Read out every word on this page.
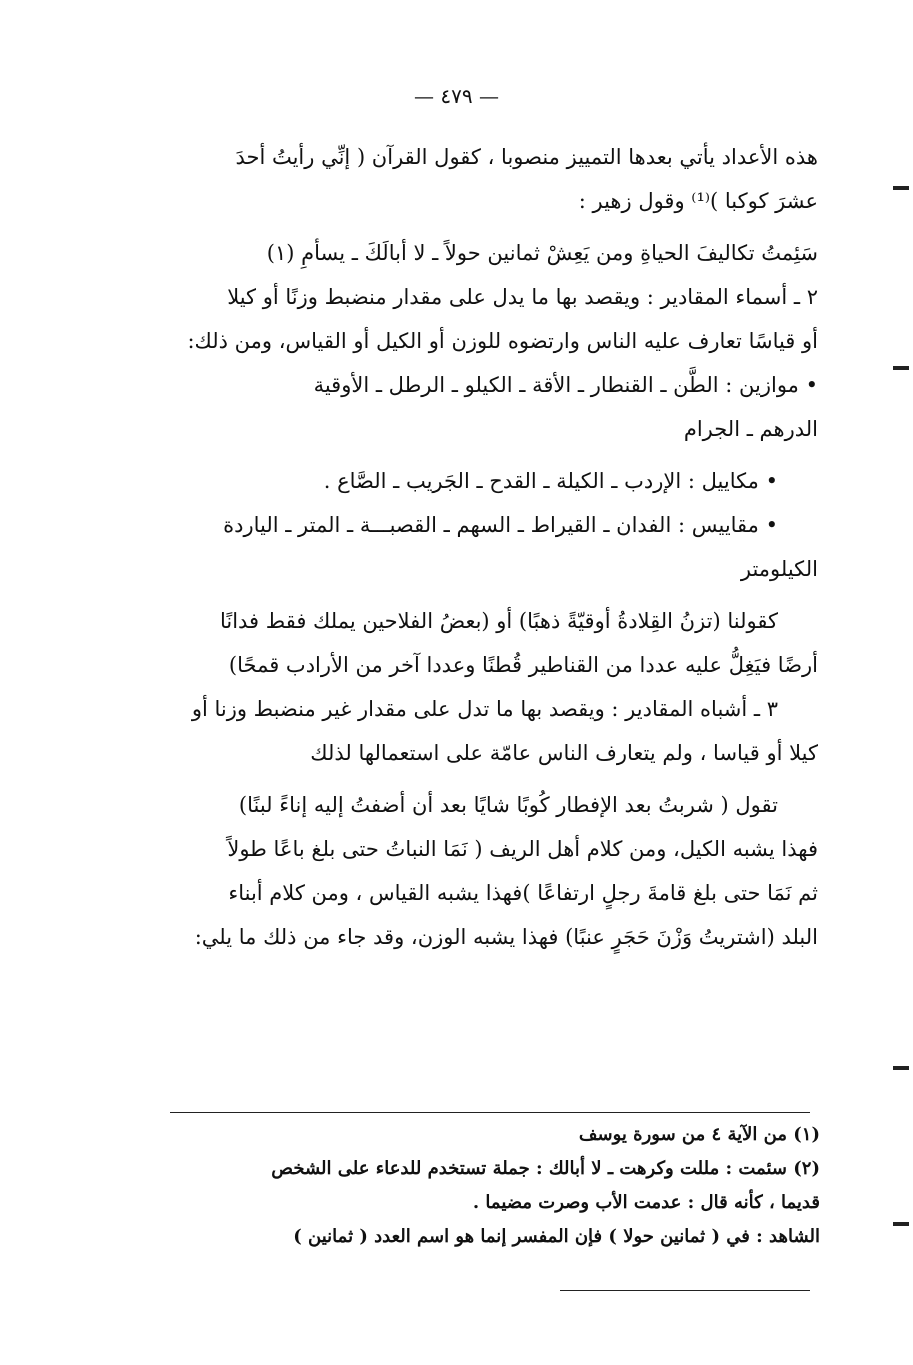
— ٤٧٩ —

هذه الأعداد يأتي بعدها التمييز منصوبا ، كقول القرآن ( إنِّي رأيتُ أحدَ

عشرَ كوكبا )⁽¹⁾ وقول زهير :

سَئِمتُ تكاليفَ الحياةِ ومن يَعِشْ ثمانين حولاً ـ لا أبالَكَ ـ يسأمِ (١)

٢ ـ أسماء المقادير : ويقصد بها ما يدل على مقدار منضبط وزنًا أو كيلا

أو قياسًا تعارف عليه الناس وارتضوه للوزن أو الكيل أو القياس، ومن ذلك:

• موازين : الطَّن ـ القنطار ـ الأقة ـ الكيلو ـ الرطل ـ الأوقية

الدرهم ـ الجرام

• مكاييل : الإردب ـ الكيلة ـ القدح ـ الجَريب ـ الصَّاع .

• مقاييس : الفدان ـ القيراط ـ السهم ـ القصبـــة ـ المتر ـ الياردة

الكيلومتر

كقولنا (تزنُ القِلادةُ أوقيّةً ذهبًا) أو (بعضُ الفلاحين يملك فقط فدانًا

أرضًا فيَغِلُّ عليه عددا من القناطير قُطنًا وعددا آخر من الأرادب قمحًا)

٣ ـ أشباه المقادير : ويقصد بها ما تدل على مقدار غير منضبط وزنا أو

كيلا أو قياسا ، ولم يتعارف الناس عامّة على استعمالها لذلك

تقول ( شربتُ بعد الإفطار كُوبًا شايًا بعد أن أضفتُ إليه إناءً لبنًا)

فهذا يشبه الكيل، ومن كلام أهل الريف ( نَمَا النباتُ حتى بلغ باعًا طولاً

ثم نَمَا حتى بلغ قامةَ رجلٍ ارتفاعًا )فهذا يشبه القياس ، ومن كلام أبناء

البلد (اشتريتُ وَزْنَ حَجَرٍ عنبًا) فهذا يشبه الوزن، وقد جاء من ذلك ما يلي:

(١) من الآية ٤ من سورة يوسف

(٢) سئمت : مللت وكرهت ـ لا أبالك : جملة تستخدم للدعاء على الشخص

قديما ، كأنه قال : عدمت الأب وصرت مضيما .

الشاهد : في ( ثمانين حولا ) فإن المفسر إنما هو اسم العدد ( ثمانين )
